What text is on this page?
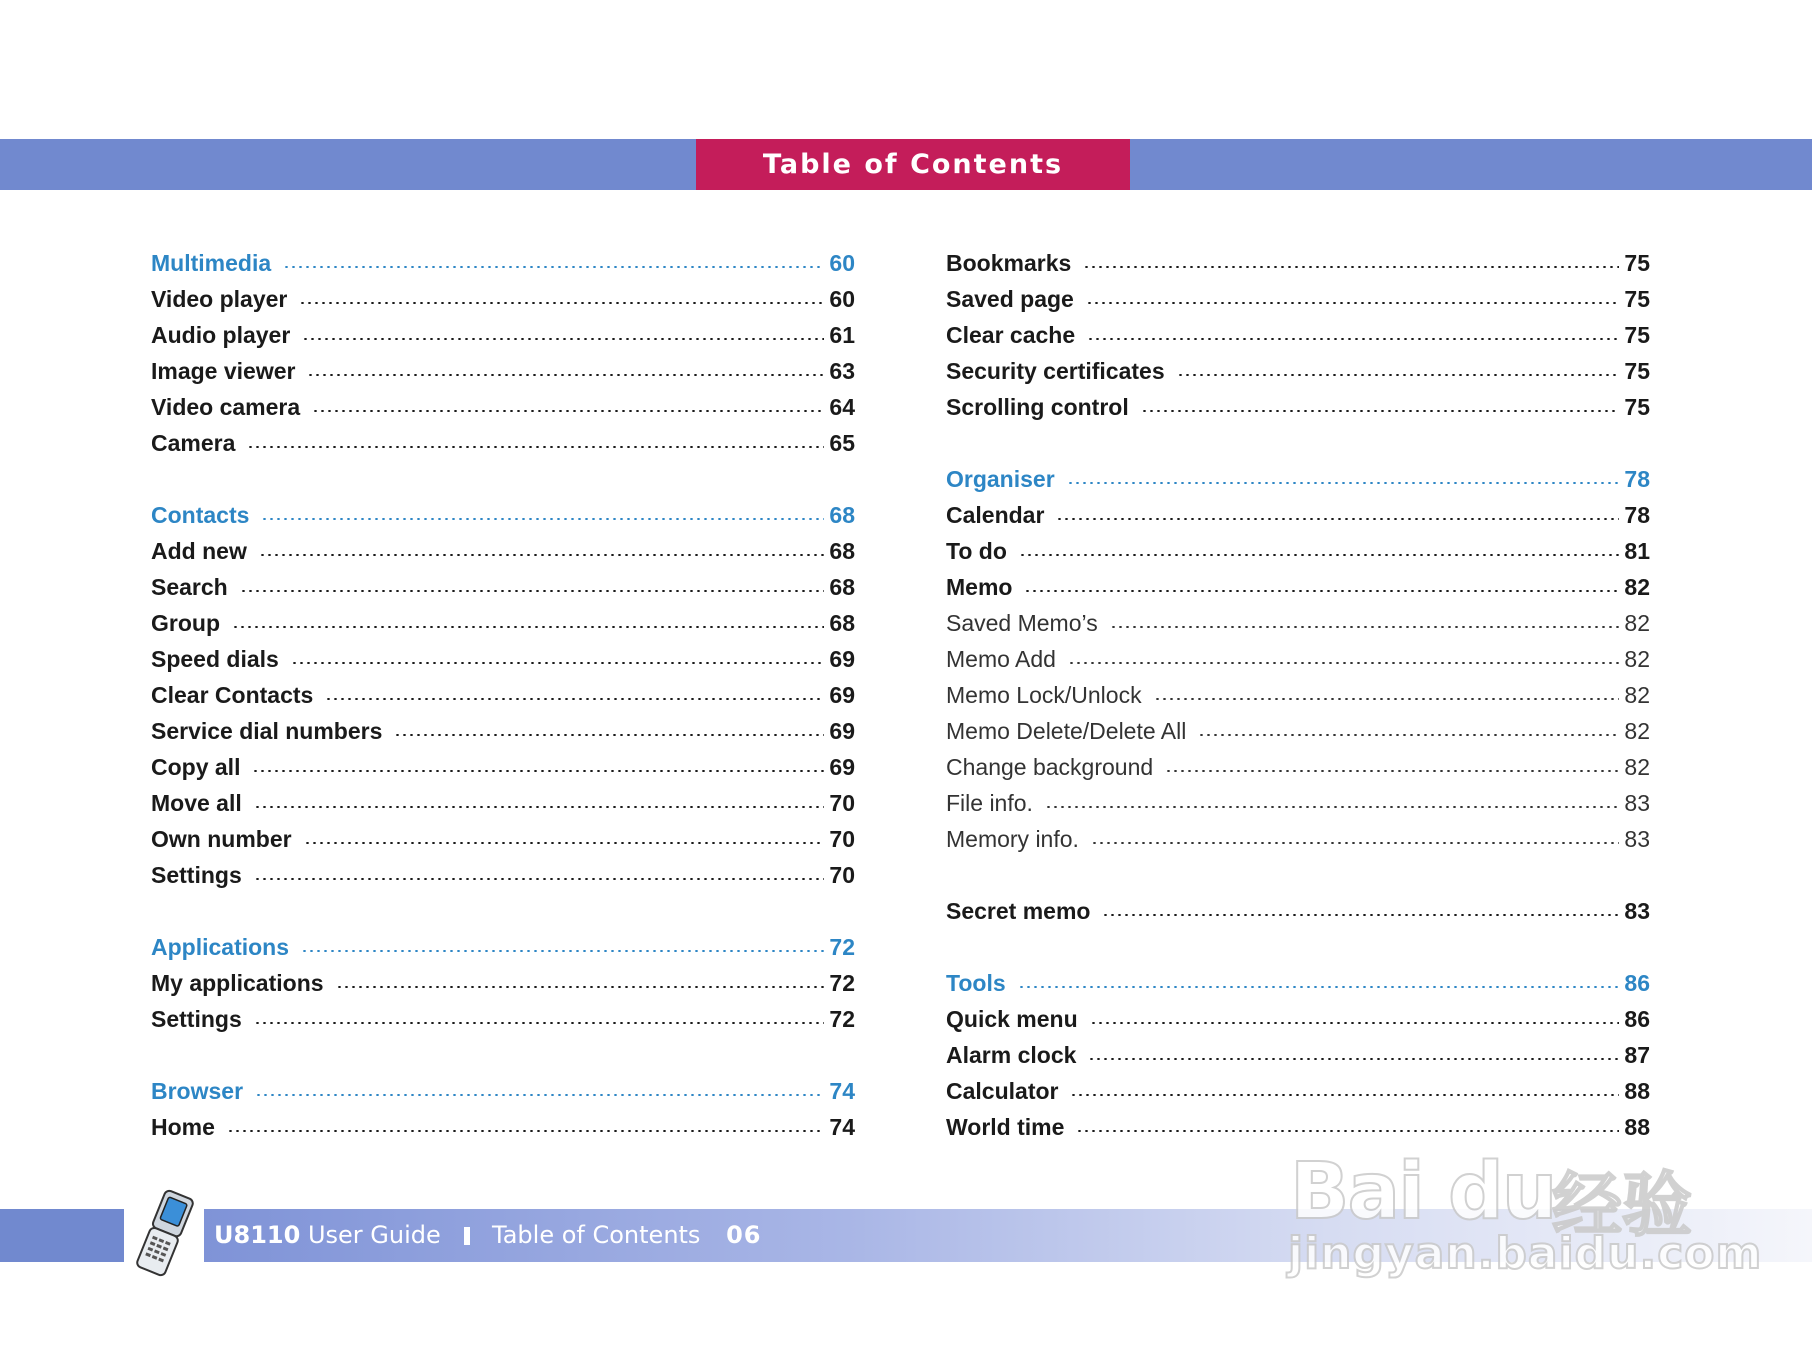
Table of Contents
Multimedia	60
Video player	60
Audio player	61
Image viewer	63
Video camera	64
Camera	65
Contacts	68
Add new	68
Search	68
Group	68
Speed dials	69
Clear Contacts	69
Service dial numbers	69
Copy all	69
Move all	70
Own number	70
Settings	70
Applications	72
My applications	72
Settings	72
Browser	74
Home	74
Bookmarks	75
Saved page	75
Clear cache	75
Security certificates	75
Scrolling control	75
Organiser	78
Calendar	78
To do	81
Memo	82
Saved Memo’s	82
Memo Add	82
Memo Lock/Unlock	82
Memo Delete/Delete All	82
Change background	82
File info.	83
Memory info.	83
Secret memo	83
Tools	86
Quick menu	86
Alarm clock	87
Calculator	88
World time	88
U8110 User Guide Table of Contents 06	Bai du
经验
jingyan.baidu.com
